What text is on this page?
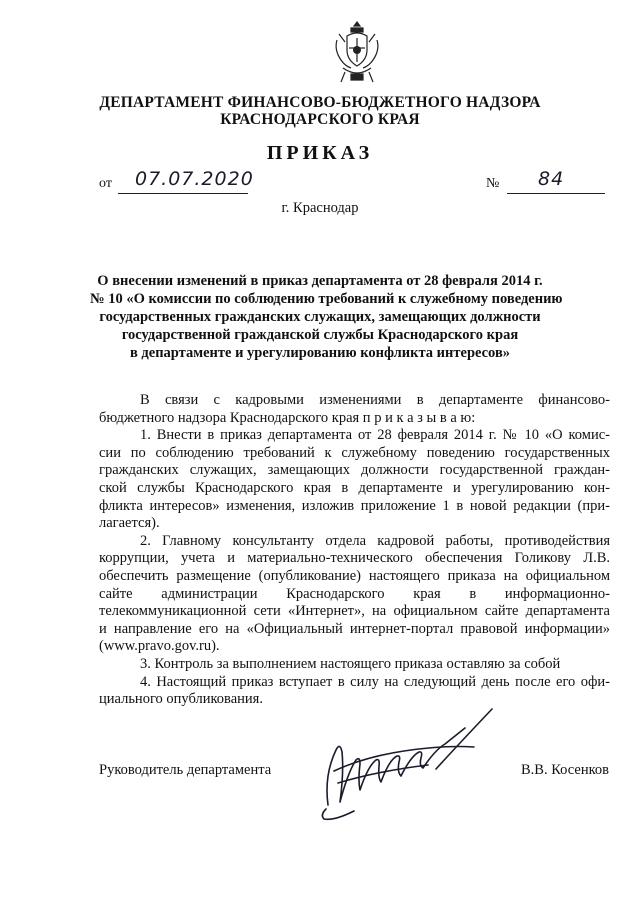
ДЕПАРТАМЕНТ ФИНАНСОВО-БЮДЖЕТНОГО НАДЗОРА
КРАСНОДАРСКОГО КРАЯ
ПРИКАЗ
от 07.07.2020	№ 84
г. Краснодар
О внесении изменений в приказ департамента от 28 февраля 2014 г.
№ 10 «О комиссии по соблюдению требований к служебному поведению
государственных гражданских служащих, замещающих должности
государственной гражданской службы Краснодарского края
в департаменте и урегулированию конфликта интересов»
В связи с кадровыми изменениями в департаменте финансово-
бюджетного надзора Краснодарского края п р и к а з ы в а ю:
1. Внести в приказ департамента от 28 февраля 2014 г. № 10 «О комис-
сии по соблюдению требований к служебному поведению государственных
гражданских служащих, замещающих должности государственной граждан-
ской службы Краснодарского края в департаменте и урегулированию кон-
фликта интересов» изменения, изложив приложение 1 в новой редакции (при-
лагается).
2. Главному консультанту отдела кадровой работы, противодействия
коррупции, учета и материально-технического обеспечения Голикову Л.В.
обеспечить размещение (опубликование) настоящего приказа на официальном
сайте администрации Краснодарского края в информационно-
телекоммуникационной сети «Интернет», на официальном сайте департамента
и направление его на «Официальный интернет-портал правовой информации»
(www.pravo.gov.ru).
3. Контроль за выполнением настоящего приказа оставляю за собой
4. Настоящий приказ вступает в силу на следующий день после его офи-
циального опубликования.
Руководитель департамента	В.В. Косенков
